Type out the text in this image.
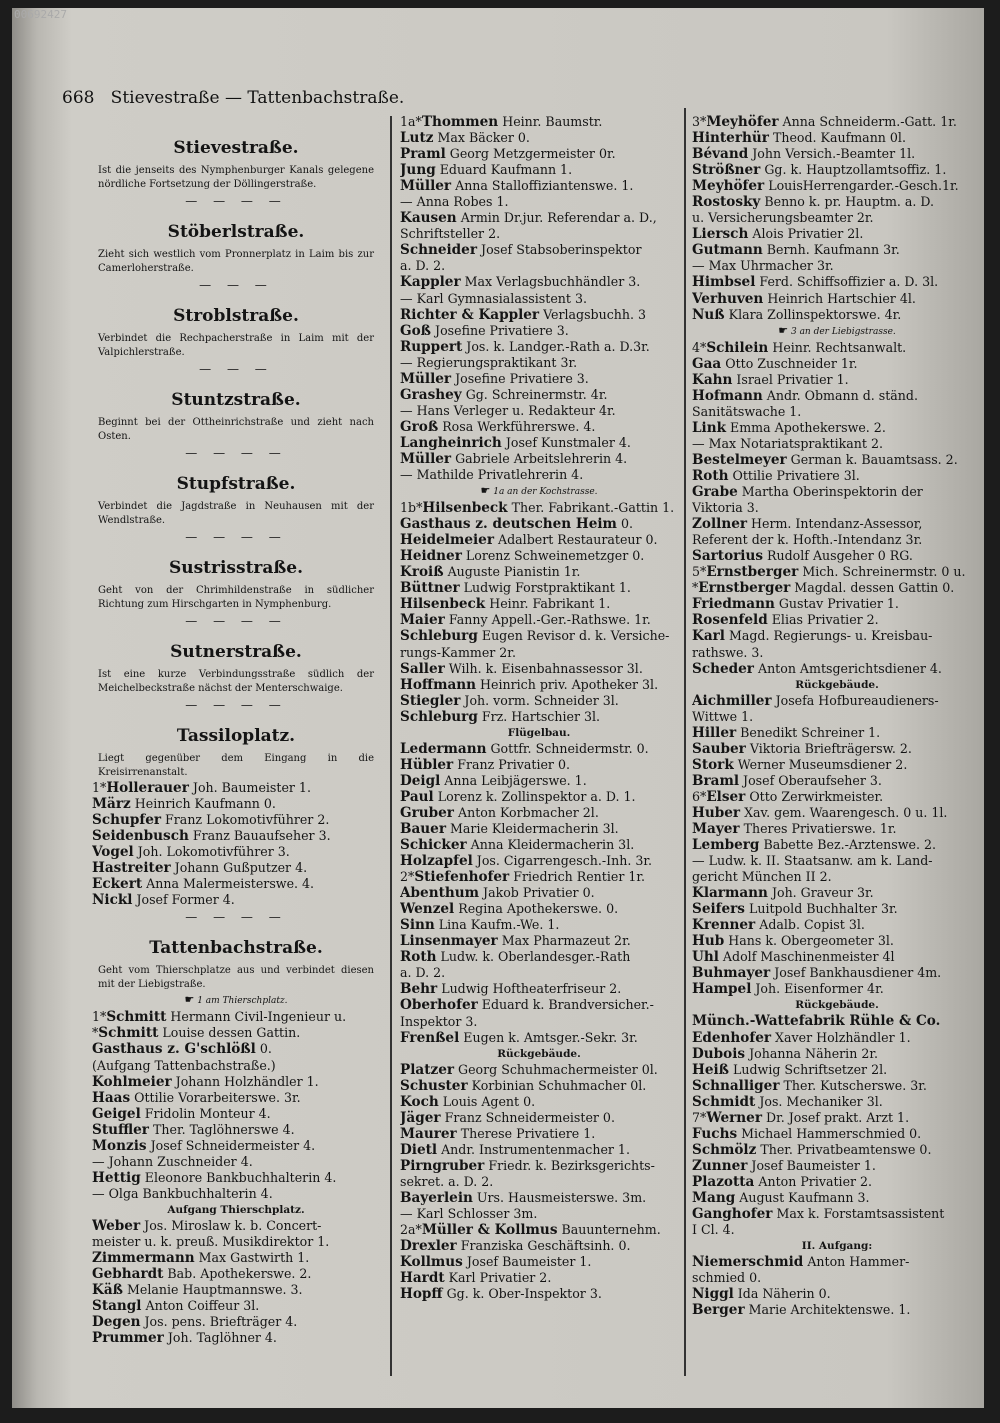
00692427
668 Stievestraße — Tattenbachstraße.
Stievestraße.
Ist die jenseits des Nymphenburger Kanals gelegene nördliche Fortsetzung der Döllingerstraße.
— — — —
Stöberlstraße.
Zieht sich westlich vom Pronnerplatz in Laim bis zur Camerloherstraße.
— — —
Stroblstraße.
Verbindet die Rechpacherstraße in Laim mit der Valpichlerstraße.
— — —
Stuntzstraße.
Beginnt bei der Ottheinrichstraße und zieht nach Osten.
— — — —
Stupfstraße.
Verbindet die Jagdstraße in Neuhausen mit der Wendlstraße.
— — — —
Sustrisstraße.
Geht von der Chrimhildenstraße in südlicher Richtung zum Hirschgarten in Nymphenburg.
— — — —
Sutnerstraße.
Ist eine kurze Verbindungsstraße südlich der Meichelbeckstraße nächst der Menterschwaige.
— — — —
Tassiloplatz.
Liegt gegenüber dem Eingang in die Kreisirrenanstalt.
1*Hollerauer Joh. Baumeister 1.
März Heinrich Kaufmann 0.
Schupfer Franz Lokomotivführer 2.
Seidenbusch Franz Bauaufseher 3.
Vogel Joh. Lokomotivführer 3.
Hastreiter Johann Gußputzer 4.
Eckert Anna Malermeisterswe. 4.
Nickl Josef Former 4.
— — — —
Tattenbachstraße.
Geht vom Thierschplatze aus und verbindet diesen mit der Liebigstraße.
☛ 1 am Thierschplatz.
1*Schmitt Hermann Civil-Ingenieur u.
*Schmitt Louise dessen Gattin.
Gasthaus z. G'schlößl 0.
(Aufgang Tattenbachstraße.)
Kohlmeier Johann Holzhändler 1.
Haas Ottilie Vorarbeiterswe. 3r.
Geigel Fridolin Monteur 4.
Stuffler Ther. Taglöhnerswe 4.
Monzis Josef Schneidermeister 4.
— Johann Zuschneider 4.
Hettig Eleonore Bankbuchhalterin 4.
— Olga Bankbuchhalterin 4.
Aufgang Thierschplatz.
Weber Jos. Miroslaw k. b. Concert-
meister u. k. preuß. Musikdirektor 1.
Zimmermann Max Gastwirth 1.
Gebhardt Bab. Apothekerswe. 2.
Käß Melanie Hauptmannswe. 3.
Stangl Anton Coiffeur 3l.
Degen Jos. pens. Briefträger 4.
Prummer Joh. Taglöhner 4.
1a*Thommen Heinr. Baumstr.
Lutz Max Bäcker 0.
Praml Georg Metzgermeister 0r.
Jung Eduard Kaufmann 1.
Müller Anna Stalloffiziantenswe. 1.
— Anna Robes 1.
Kausen Armin Dr.jur. Referendar a. D.,
Schriftsteller 2.
Schneider Josef Stabsoberinspektor
a. D. 2.
Kappler Max Verlagsbuchhändler 3.
— Karl Gymnasialassistent 3.
Richter & Kappler Verlagsbuchh. 3
Goß Josefine Privatiere 3.
Ruppert Jos. k. Landger.-Rath a. D.3r.
— Regierungspraktikant 3r.
Müller Josefine Privatiere 3.
Grashey Gg. Schreinermstr. 4r.
— Hans Verleger u. Redakteur 4r.
Groß Rosa Werkführerswe. 4.
Langheinrich Josef Kunstmaler 4.
Müller Gabriele Arbeitslehrerin 4.
— Mathilde Privatlehrerin 4.
☛ 1a an der Kochstrasse.
1b*Hilsenbeck Ther. Fabrikant.-Gattin 1.
Gasthaus z. deutschen Heim 0.
Heidelmeier Adalbert Restaurateur 0.
Heidner Lorenz Schweinemetzger 0.
Kroiß Auguste Pianistin 1r.
Büttner Ludwig Forstpraktikant 1.
Hilsenbeck Heinr. Fabrikant 1.
Maier Fanny Appell.-Ger.-Rathswe. 1r.
Schleburg Eugen Revisor d. k. Versiche-
rungs-Kammer 2r.
Saller Wilh. k. Eisenbahnassessor 3l.
Hoffmann Heinrich priv. Apotheker 3l.
Stiegler Joh. vorm. Schneider 3l.
Schleburg Frz. Hartschier 3l.
Flügelbau.
Ledermann Gottfr. Schneidermstr. 0.
Hübler Franz Privatier 0.
Deigl Anna Leibjägerswe. 1.
Paul Lorenz k. Zollinspektor a. D. 1.
Gruber Anton Korbmacher 2l.
Bauer Marie Kleidermacherin 3l.
Schicker Anna Kleidermacherin 3l.
Holzapfel Jos. Cigarrengesch.-Inh. 3r.
2*Stiefenhofer Friedrich Rentier 1r.
Abenthum Jakob Privatier 0.
Wenzel Regina Apothekerswe. 0.
Sinn Lina Kaufm.-We. 1.
Linsenmayer Max Pharmazeut 2r.
Roth Ludw. k. Oberlandesger.-Rath
a. D. 2.
Behr Ludwig Hoftheaterfriseur 2.
Oberhofer Eduard k. Brandversicher.-
Inspektor 3.
Frenßel Eugen k. Amtsger.-Sekr. 3r.
Rückgebäude.
Platzer Georg Schuhmachermeister 0l.
Schuster Korbinian Schuhmacher 0l.
Koch Louis Agent 0.
Jäger Franz Schneidermeister 0.
Maurer Therese Privatiere 1.
Dietl Andr. Instrumentenmacher 1.
Pirngruber Friedr. k. Bezirksgerichts-
sekret. a. D. 2.
Bayerlein Urs. Hausmeisterswe. 3m.
— Karl Schlosser 3m.
2a*Müller & Kollmus Bauunternehm.
Drexler Franziska Geschäftsinh. 0.
Kollmus Josef Baumeister 1.
Hardt Karl Privatier 2.
Hopff Gg. k. Ober-Inspektor 3.
3*Meyhöfer Anna Schneiderm.-Gatt. 1r.
Hinterhür Theod. Kaufmann 0l.
Bévand John Versich.-Beamter 1l.
Strößner Gg. k. Hauptzollamtsoffiz. 1.
Meyhöfer LouisHerrengarder.-Gesch.1r.
Rostosky Benno k. pr. Hauptm. a. D.
u. Versicherungsbeamter 2r.
Liersch Alois Privatier 2l.
Gutmann Bernh. Kaufmann 3r.
— Max Uhrmacher 3r.
Himbsel Ferd. Schiffsoffizier a. D. 3l.
Verhuven Heinrich Hartschier 4l.
Nuß Klara Zollinspektorswe. 4r.
☛ 3 an der Liebigstrasse.
4*Schilein Heinr. Rechtsanwalt.
Gaa Otto Zuschneider 1r.
Kahn Israel Privatier 1.
Hofmann Andr. Obmann d. ständ.
Sanitätswache 1.
Link Emma Apothekerswe. 2.
— Max Notariatspraktikant 2.
Bestelmeyer German k. Bauamtsass. 2.
Roth Ottilie Privatiere 3l.
Grabe Martha Oberinspektorin der
Viktoria 3.
Zollner Herm. Intendanz-Assessor,
Referent der k. Hofth.-Intendanz 3r.
Sartorius Rudolf Ausgeher 0 RG.
5*Ernstberger Mich. Schreinermstr. 0 u.
*Ernstberger Magdal. dessen Gattin 0.
Friedmann Gustav Privatier 1.
Rosenfeld Elias Privatier 2.
Karl Magd. Regierungs- u. Kreisbau-
rathswe. 3.
Scheder Anton Amtsgerichtsdiener 4.
Rückgebäude.
Aichmiller Josefa Hofbureaudieners-
Wittwe 1.
Hiller Benedikt Schreiner 1.
Sauber Viktoria Briefträgersw. 2.
Stork Werner Museumsdiener 2.
Braml Josef Oberaufseher 3.
6*Elser Otto Zerwirkmeister.
Huber Xav. gem. Waarengesch. 0 u. 1l.
Mayer Theres Privatierswe. 1r.
Lemberg Babette Bez.-Arztenswe. 2.
— Ludw. k. II. Staatsanw. am k. Land-
gericht München II 2.
Klarmann Joh. Graveur 3r.
Seifers Luitpold Buchhalter 3r.
Krenner Adalb. Copist 3l.
Hub Hans k. Obergeometer 3l.
Uhl Adolf Maschinenmeister 4l
Buhmayer Josef Bankhausdiener 4m.
Hampel Joh. Eisenformer 4r.
Rückgebäude.
Münch.-Wattefabrik Rühle & Co.
Edenhofer Xaver Holzhändler 1.
Dubois Johanna Näherin 2r.
Heiß Ludwig Schriftsetzer 2l.
Schnalliger Ther. Kutscherswe. 3r.
Schmidt Jos. Mechaniker 3l.
7*Werner Dr. Josef prakt. Arzt 1.
Fuchs Michael Hammerschmied 0.
Schmölz Ther. Privatbeamtenswe 0.
Zunner Josef Baumeister 1.
Plazotta Anton Privatier 2.
Mang August Kaufmann 3.
Ganghofer Max k. Forstamtsassistent
I Cl. 4.
II. Aufgang:
Niemerschmid Anton Hammer-
schmied 0.
Niggl Ida Näherin 0.
Berger Marie Architektenswe. 1.
